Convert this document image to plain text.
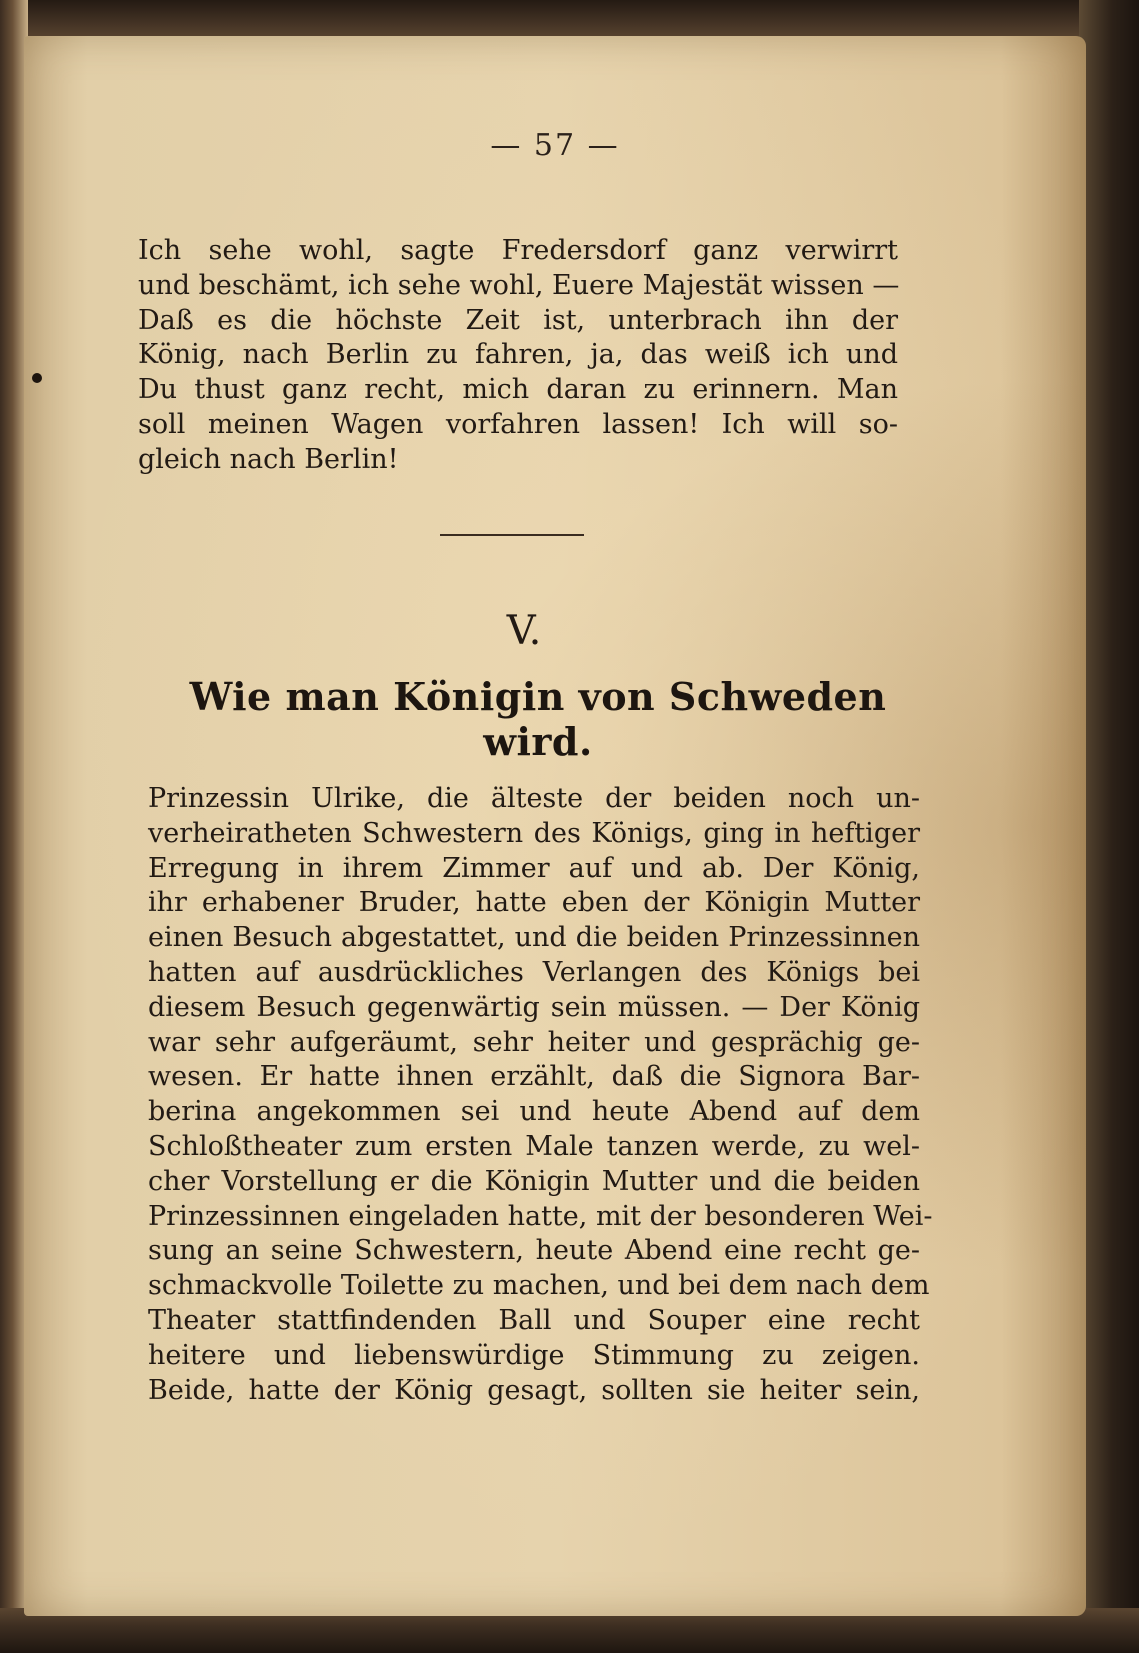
— 57 —
Ich sehe wohl, sagte Fredersdorf ganz verwirrt
und beschämt, ich sehe wohl, Euere Majestät wissen —
Daß es die höchste Zeit ist, unterbrach ihn der
König, nach Berlin zu fahren, ja, das weiß ich und
Du thust ganz recht, mich daran zu erinnern. Man
soll meinen Wagen vorfahren lassen! Ich will so-
gleich nach Berlin!
V.
Wie man Königin von Schweden wird.
Prinzessin Ulrike, die älteste der beiden noch un-
verheiratheten Schwestern des Königs, ging in heftiger
Erregung in ihrem Zimmer auf und ab. Der König,
ihr erhabener Bruder, hatte eben der Königin Mutter
einen Besuch abgestattet, und die beiden Prinzessinnen
hatten auf ausdrückliches Verlangen des Königs bei
diesem Besuch gegenwärtig sein müssen. — Der König
war sehr aufgeräumt, sehr heiter und gesprächig ge-
wesen. Er hatte ihnen erzählt, daß die Signora Bar-
berina angekommen sei und heute Abend auf dem
Schloßtheater zum ersten Male tanzen werde, zu wel-
cher Vorstellung er die Königin Mutter und die beiden
Prinzessinnen eingeladen hatte, mit der besonderen Wei-
sung an seine Schwestern, heute Abend eine recht ge-
schmackvolle Toilette zu machen, und bei dem nach dem
Theater stattfindenden Ball und Souper eine recht
heitere und liebenswürdige Stimmung zu zeigen.
Beide, hatte der König gesagt, sollten sie heiter sein,
